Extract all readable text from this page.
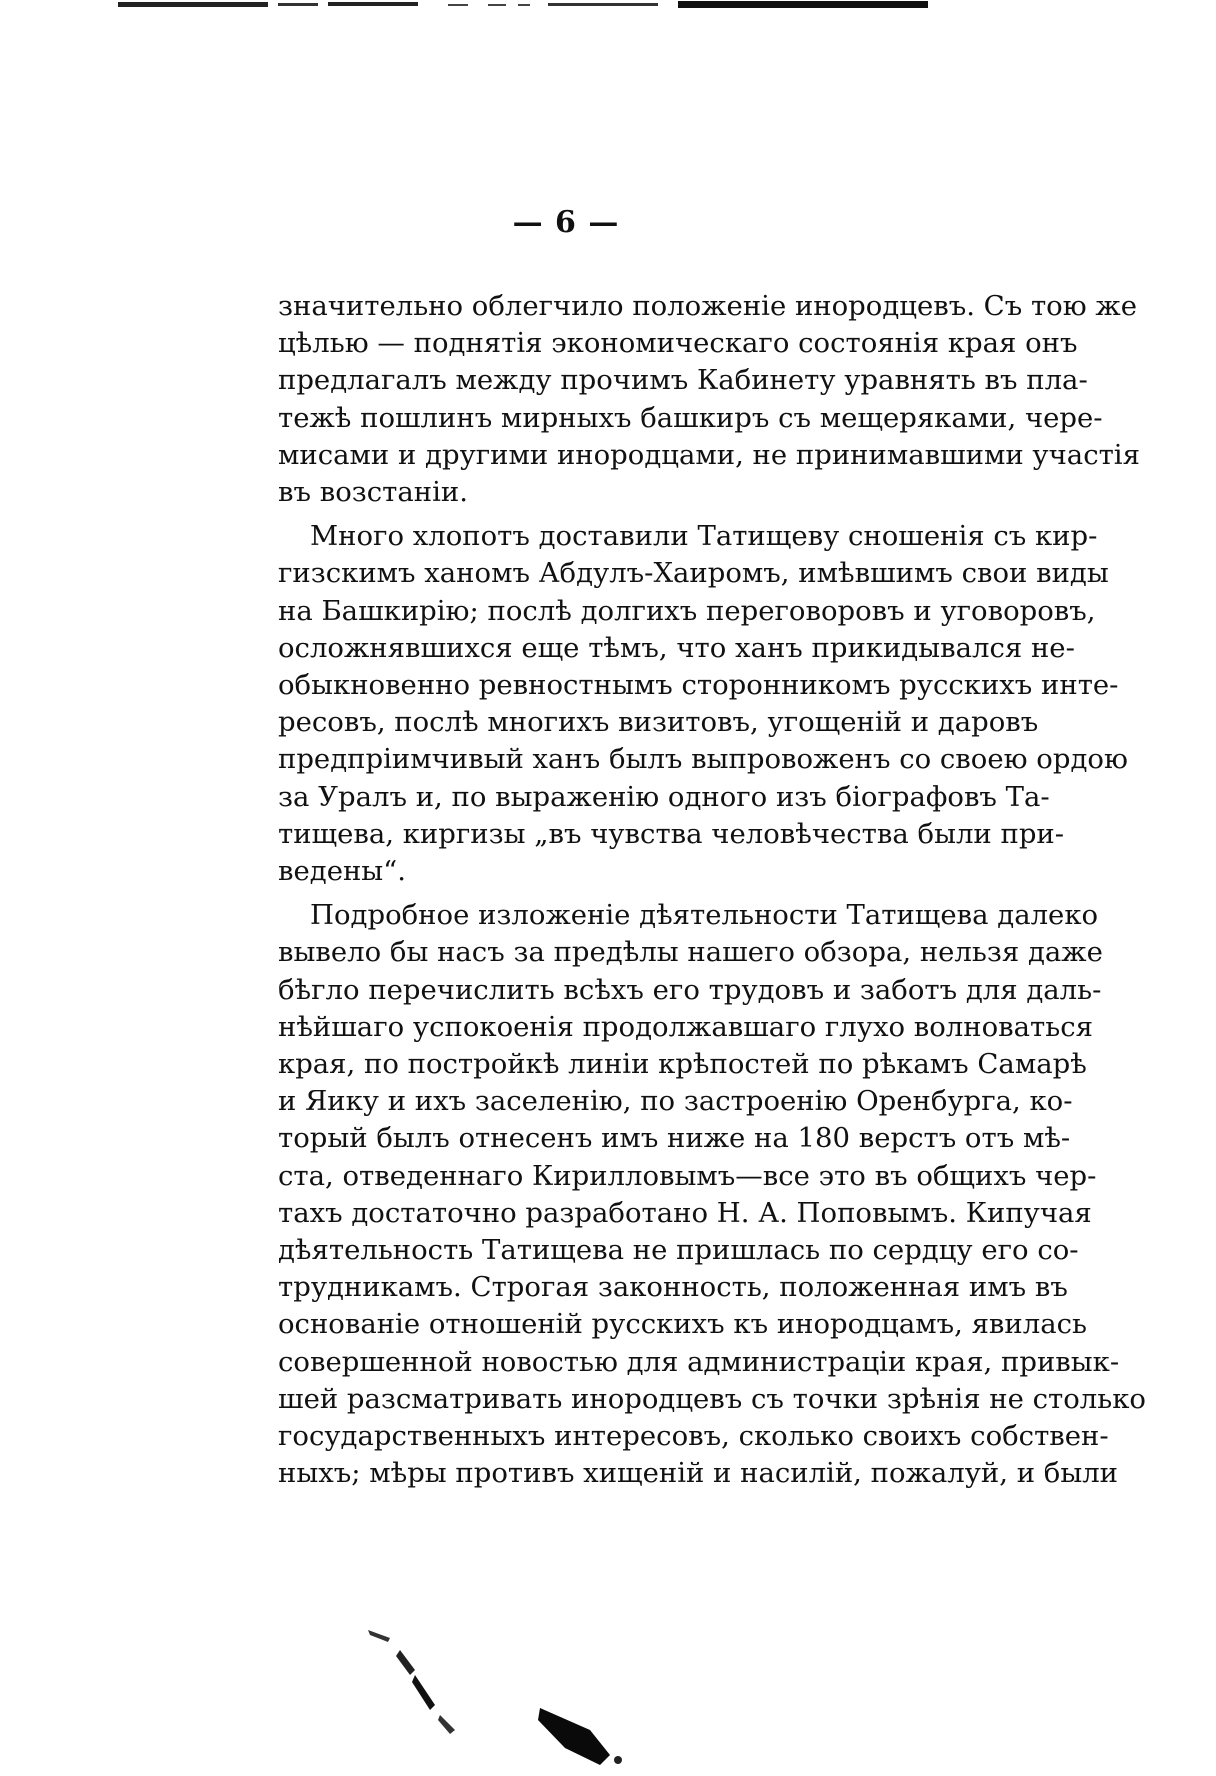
— 6 —
значительно облегчило положеніе инородцевъ. Съ тою же
цѣлью — поднятія экономическаго состоянія края онъ
предлагалъ между прочимъ Кабинету уравнять въ пла-
тежѣ пошлинъ мирныхъ башкиръ съ мещеряками, чере-
мисами и другими инородцами, не принимавшими участія
въ возстаніи.
Много хлопотъ доставили Татищеву сношенія съ кир-
гизскимъ ханомъ Абдулъ-Хаиромъ, имѣвшимъ свои виды
на Башкирію; послѣ долгихъ переговоровъ и уговоровъ,
осложнявшихся еще тѣмъ, что ханъ прикидывался не-
обыкновенно ревностнымъ сторонникомъ русскихъ инте-
ресовъ, послѣ многихъ визитовъ, угощеній и даровъ
предпріимчивый ханъ былъ выпровоженъ со своею ордою
за Уралъ и, по выраженію одного изъ біографовъ Та-
тищева, киргизы „въ чувства человѣчества были при-
ведены“.
Подробное изложеніе дѣятельности Татищева далеко
вывело бы насъ за предѣлы нашего обзора, нельзя даже
бѣгло перечислить всѣхъ его трудовъ и заботъ для даль-
нѣйшаго успокоенія продолжавшаго глухо волноваться
края, по постройкѣ линіи крѣпостей по рѣкамъ Самарѣ
и Яику и ихъ заселенію, по застроенію Оренбурга, ко-
торый былъ отнесенъ имъ ниже на 180 верстъ отъ мѣ-
ста, отведеннаго Кирилловымъ—все это въ общихъ чер-
тахъ достаточно разработано Н. А. Поповымъ. Кипучая
дѣятельность Татищева не пришлась по сердцу его со-
трудникамъ. Строгая законность, положенная имъ въ
основаніе отношеній русскихъ къ инородцамъ, явилась
совершенной новостью для администраціи края, привык-
шей разсматривать инородцевъ съ точки зрѣнія не столько
государственныхъ интересовъ, сколько своихъ собствен-
ныхъ; мѣры противъ хищеній и насилій, пожалуй, и были
